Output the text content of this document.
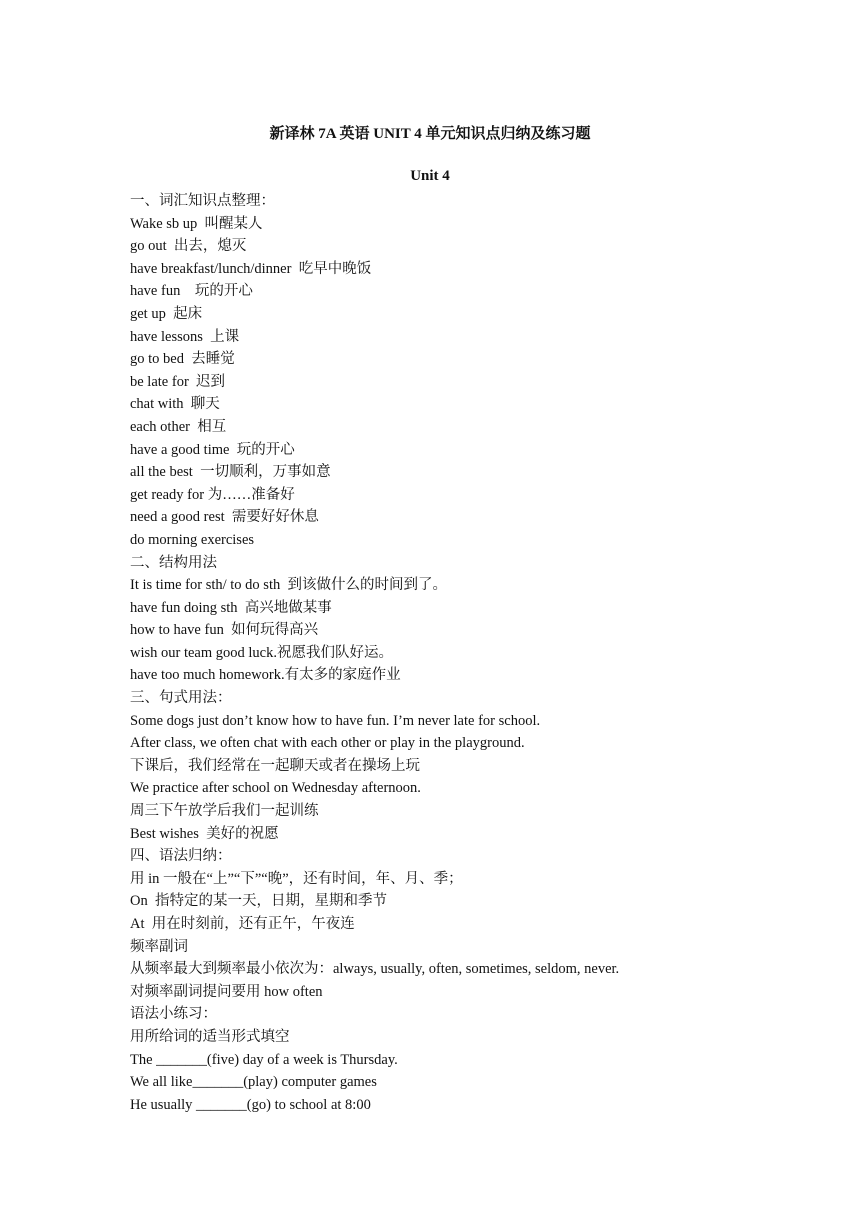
新译林 7A 英语 UNIT 4 单元知识点归纳及练习题
Unit 4
一、词汇知识点整理：
Wake sb up  叫醒某人
go out  出去，熄灭
have breakfast/lunch/dinner  吃早中晚饭
have fun    玩的开心
get up  起床
have lessons  上课
go to bed  去睡觉
be late for  迟到
chat with  聊天
each other  相互
have a good time  玩的开心
all the best  一切顺利，万事如意
get ready for 为……准备好
need a good rest  需要好好休息
do morning exercises
二、结构用法
It is time for sth/ to do sth  到该做什么的时间到了。
have fun doing sth  高兴地做某事
how to have fun  如何玩得高兴
wish our team good luck.祝愿我们队好运。
have too much homework.有太多的家庭作业
三、句式用法：
Some dogs just don’t know how to have fun. I’m never late for school.
After class, we often chat with each other or play in the playground.
下课后，我们经常在一起聊天或者在操场上玩
We practice after school on Wednesday afternoon.
周三下午放学后我们一起训练
Best wishes  美好的祝愿
四、语法归纳：
用 in 一般在“上”“下”“晚”，还有时间，年、月、季；
On  指特定的某一天，日期，星期和季节
At  用在时刻前，还有正午，午夜连
频率副词
从频率最大到频率最小依次为：always, usually, often, sometimes, seldom, never.
对频率副词提问要用 how often
语法小练习：
用所给词的适当形式填空
The _______(five) day of a week is Thursday.
We all like_______(play) computer games
He usually _______(go) to school at 8:00
